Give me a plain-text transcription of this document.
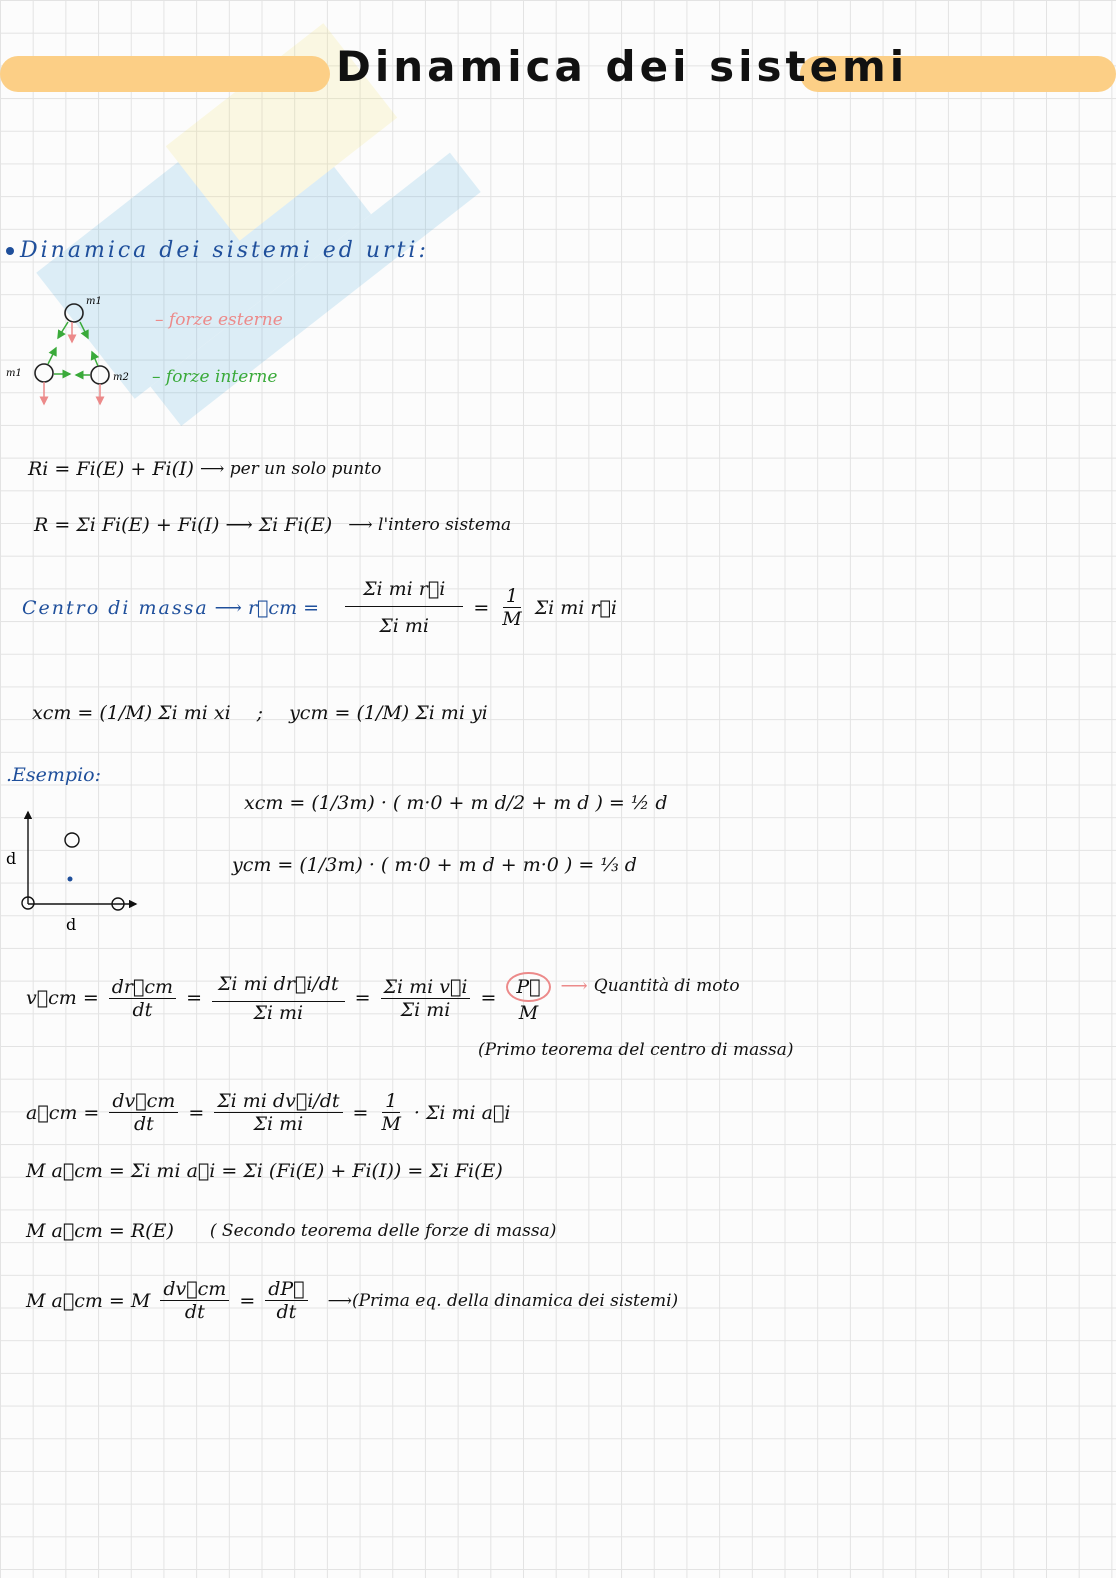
Dinamica dei sistemi
Dinamica dei sistemi ed urti:
m1
m1	m2
– forze esterne
– forze interne
Ri = Fi(E) + Fi(I) ⟶ per un solo punto
R = Σi Fi(E) + Fi(I) ⟶ Σi Fi(E) ⟶ l'intero sistema
Centro di massa ⟶ r⃗cm = $\frac{\text{Σi mi r⃗i}}{\text{Σi mi}} = \frac{1}{M}$ Σi mi r⃗i
xcm = (1/M) Σi mi xi ; ycm = (1/M) Σi mi yi
.Esempio:
d
d
xcm = (1/3m) · ( m·0 + m d/2 + m d ) = ½ d
ycm = (1/3m) · ( m·0 + m d + m·0 ) = ⅓ d
v⃗cm = $\frac{dr⃗cm}{dt} = \frac{\text{Σi mi dr⃗i/dt}}{\text{Σi mi}} = \frac{\text{Σi mi v⃗i}}{\text{Σi mi}} = \frac{P⃗}{M}$ ⟶ Quantità di moto
(Primo teorema del centro di massa)
a⃗cm = $\frac{dv⃗cm}{dt} = \frac{\text{Σi mi dv⃗i/dt}}{\text{Σi mi}} = \frac{1}{M} \cdot \Sigma i$ mi a⃗i
M a⃗cm = Σi mi a⃗i = Σi (Fi(E) + Fi(I)) = Σi Fi(E)
M a⃗cm = R(E) ( Secondo teorema delle forze di massa)
M a⃗cm = M $\frac{dv⃗cm}{dt} = \frac{dP⃗}{dt}$ ⟶(Prima eq. della dinamica dei sistemi)
